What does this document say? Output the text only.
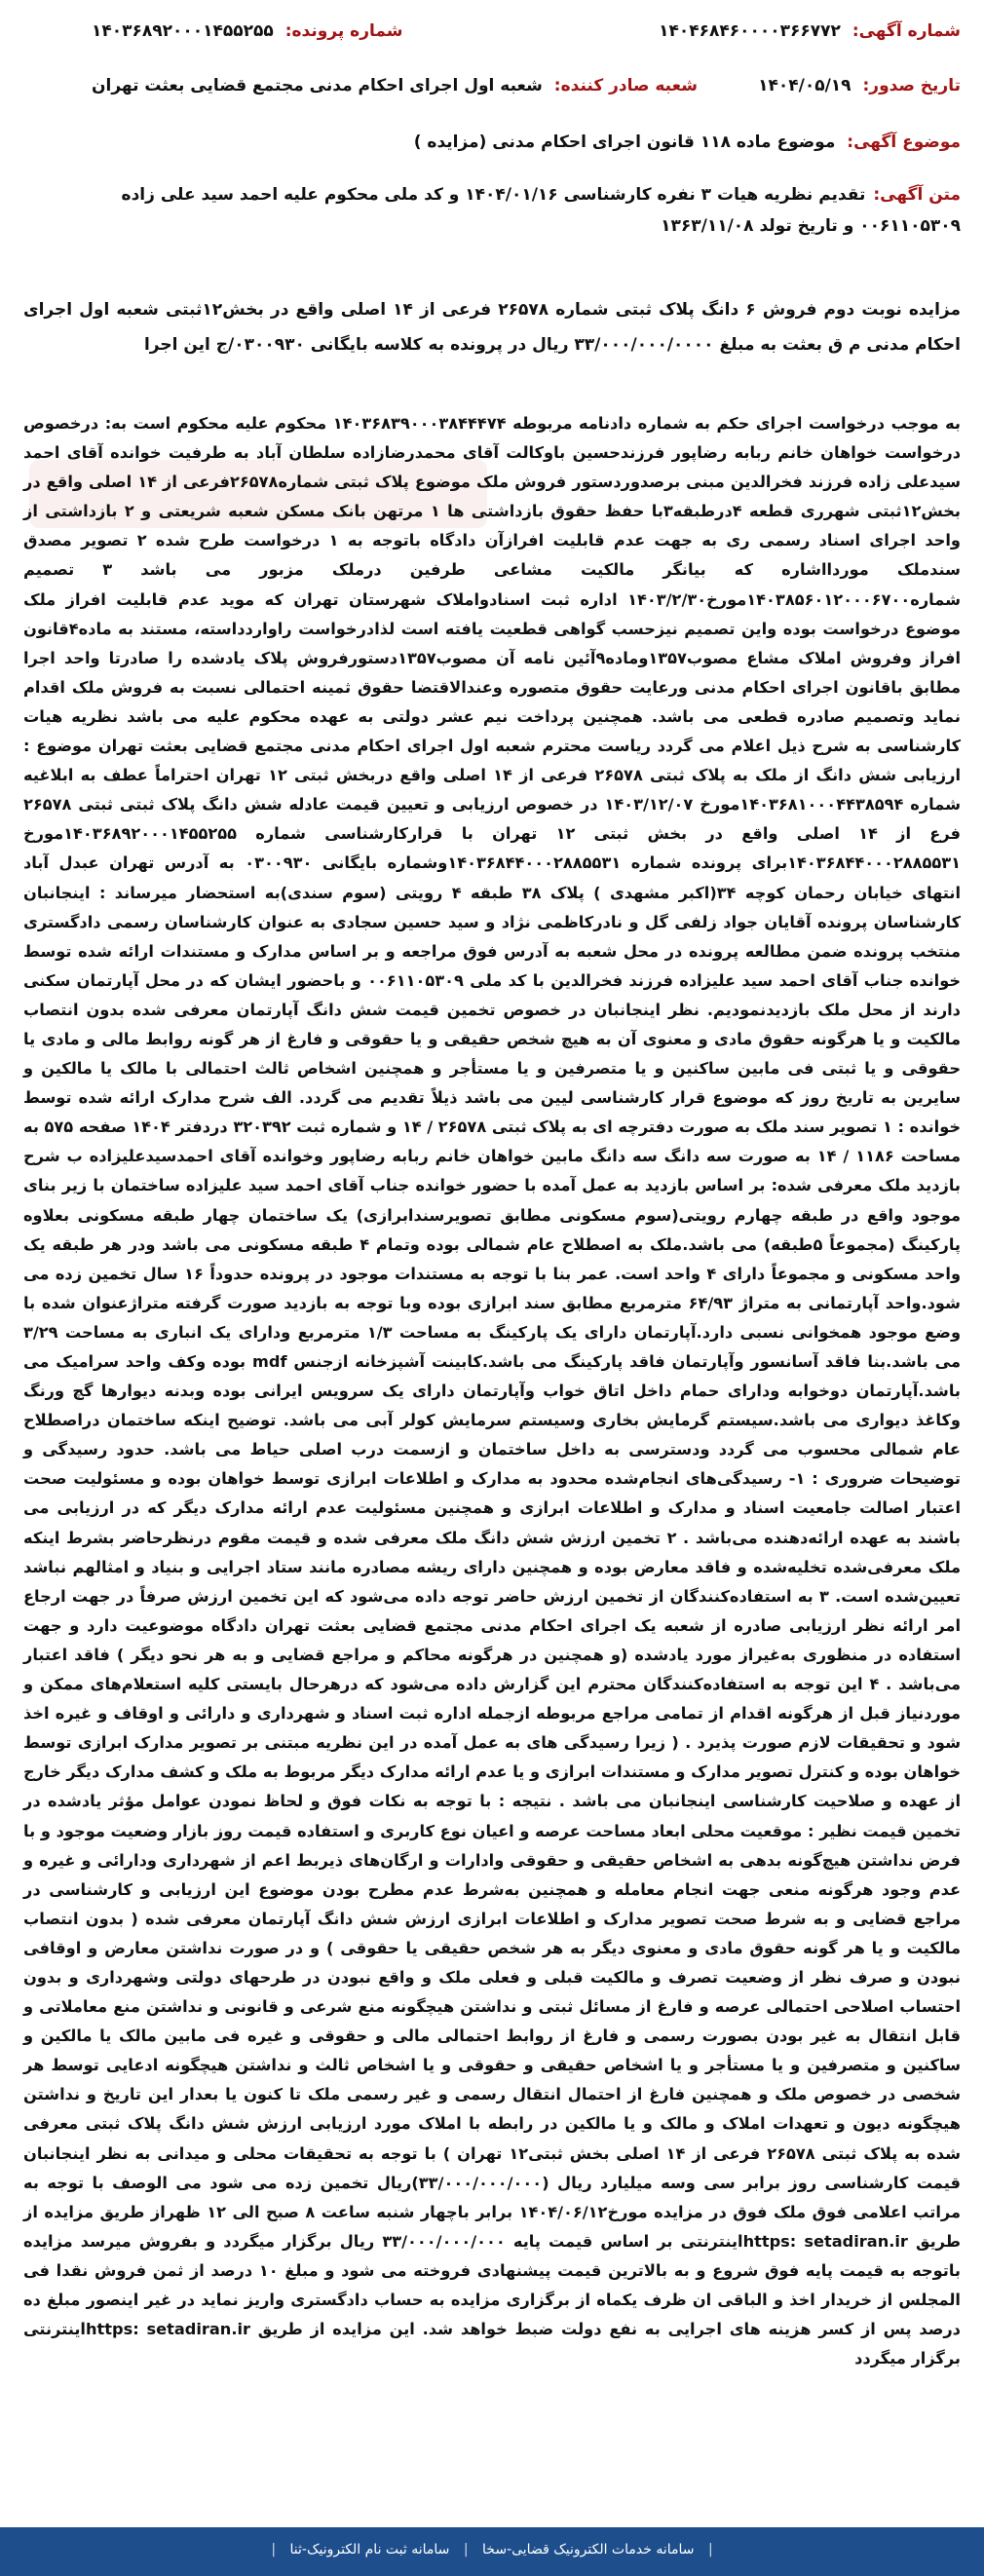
شماره آگهی: ۱۴۰۴۶۸۴۶۰۰۰۰۳۶۶۷۷۲
شماره پرونده: ۱۴۰۳۶۸۹۲۰۰۰۱۴۵۵۲۵۵
تاریخ صدور: ۱۴۰۴/۰۵/۱۹
شعبه صادر کننده: شعبه اول اجرای احکام مدنی مجتمع قضایی بعثت تهران
موضوع آگهی: موضوع ماده ۱۱۸ قانون اجرای احکام مدنی (مزایده )
متن آگهی:تقدیم نظریه هیات ۳ نفره کارشناسی ۱۴۰۴/۰۱/۱۶ و کد ملی محکوم علیه احمد سید علی زاده ۰۰۶۱۱۰۵۳۰۹ و تاریخ تولد ۱۳۶۳/۱۱/۰۸
مزایده نوبت دوم فروش ۶ دانگ پلاک ثبتی شماره ۲۶۵۷۸ فرعی از ۱۴ اصلی واقع در بخش۱۲ثبتی شعبه اول اجرای احکام مدنی م ق بعثت به مبلغ ۳۳/۰۰۰/۰۰۰/۰۰۰۰ ریال در پرونده به کلاسه بایگانی ۰۳۰۰۹۳۰/ج این اجرا
به موجب درخواست اجرای حکم به شماره دادنامه مربوطه ۱۴۰۳۶۸۳۹۰۰۰۳۸۴۴۴۷۴ محکوم علیه محکوم است به: درخصوص درخواست خواهان خانم ربابه رضاپور فرزندحسین باوکالت آقای محمدرضازاده سلطان آباد به طرفیت خوانده آقای احمد سیدعلی زاده فرزند فخرالدین مبنی برصدوردستور فروش ملک موضوع پلاک ثبتی شماره۲۶۵۷۸فرعی از ۱۴ اصلی واقع در بخش۱۲ثبتی شهرری قطعه ۴درطبقه۳با حفظ حقوق بازداشتی ها ۱ مرتهن بانک مسکن شعبه شریعتی و ۲ بازداشتی از واحد اجرای اسناد رسمی ری به جهت عدم قابلیت افرازآن دادگاه باتوجه به ۱ درخواست طرح شده ۲ تصویر مصدق سندملک موردااشاره که بیانگر مالکیت مشاعی طرفین درملک مزبور می باشد ۳ تصمیم شماره۱۴۰۳۸۵۶۰۱۲۰۰۰۶۷۰۰مورخ۱۴۰۳/۲/۳۰ اداره ثبت اسنادواملاک شهرستان تهران که موید عدم قابلیت افراز ملک موضوع درخواست بوده واین تصمیم نیزحسب گواهی قطعیت یافته است لذادرخواست راواردداسته، مستند به ماده۴قانون افراز وفروش املاک مشاع مصوب۱۳۵۷وماده۹آئین نامه آن مصوب۱۳۵۷دستورفروش پلاک یادشده را صادرتا واحد اجرا مطابق باقانون اجرای احکام مدنی ورعایت حقوق متصوره وعندالاقتضا حقوق ثمینه احتمالی نسبت به فروش ملک اقدام نماید وتصمیم صادره قطعی می باشد. همچنین پرداخت نیم عشر دولتی به عهده محکوم علیه می باشد نظریه هیات کارشناسی به شرح ذیل اعلام می گردد ریاست محترم شعبه اول اجرای احکام مدنی مجتمع قضایی بعثت تهران موضوع : ارزیابی شش دانگ از ملک به پلاک ثبتی ۲۶۵۷۸ فرعی از ۱۴ اصلی واقع دربخش ثبتی ۱۲ تهران احتراماً عطف به ابلاغیه شماره ۱۴۰۳۶۸۱۰۰۰۴۴۳۸۵۹۴مورخ ۱۴۰۳/۱۲/۰۷ در خصوص ارزیابی و تعیین قیمت عادله شش دانگ پلاک ثبتی ثبتی ۲۶۵۷۸ فرع از ۱۴ اصلی واقع در بخش ثبتی ۱۲ تهران با قرارکارشناسی شماره ۱۴۰۳۶۸۹۲۰۰۰۱۴۵۵۲۵۵مورخ ۱۴۰۳۶۸۴۴۰۰۰۲۸۸۵۵۳۱برای پرونده شماره ۱۴۰۳۶۸۴۴۰۰۰۲۸۸۵۵۳۱وشماره بایگانی ۰۳۰۰۹۳۰ به آدرس تهران عبدل آباد انتهای خیابان رحمان کوچه ۳۴(اکبر مشهدی ) پلاک ۳۸ طبقه ۴ رویتی (سوم سندی)به استحضار میرساند : اینجانبان کارشناسان پرونده آقایان جواد زلفی گل و نادرکاظمی نژاد و سید حسین سجادی به عنوان کارشناسان رسمی دادگستری منتخب پرونده ضمن مطالعه پرونده در محل شعبه به آدرس فوق مراجعه و بر اساس مدارک و مستندات ارائه شده توسط خوانده جناب آقای احمد سید علیزاده فرزند فخرالدین با کد ملی ۰۰۶۱۱۰۵۳۰۹ و باحضور ایشان که در محل آپارتمان سکنی دارند از محل ملک بازدیدنمودیم. نظر اینجانبان در خصوص تخمین قیمت شش دانگ آپارتمان معرفی شده بدون انتصاب مالکیت و یا هرگونه حقوق مادی و معنوی آن به هیچ شخص حقیقی و یا حقوقی و فارغ از هر گونه روابط مالی و مادی یا حقوقی و یا ثبتی فی مابین ساکنین و یا متصرفین و یا مستأجر و همچنین اشخاص ثالث احتمالی با مالک یا مالکین و سایرین به تاریخ روز که موضوع قرار کارشناسی لیین می باشد ذیلاً تقدیم می گردد. الف شرح مدارک ارائه شده توسط خوانده : ۱ تصویر سند ملک به صورت دفترچه ای به پلاک ثبتی ۲۶۵۷۸ / ۱۴ و شماره ثبت ۳۲۰۳۹۲ دردفتر ۱۴۰۴ صفحه ۵۷۵ به مساحت ۱۱۸۶ / ۱۴ به صورت سه دانگ سه دانگ مابین خواهان خانم ربابه رضاپور وخوانده آقای احمدسیدعلیزاده ب شرح بازدید ملک معرفی شده: بر اساس بازدید به عمل آمده با حضور خوانده جناب آقای احمد سید علیزاده ساختمان با زیر بنای موجود واقع در طبقه چهارم رویتی(سوم مسکونی مطابق تصویرسندابرازی) یک ساختمان چهار طبقه مسکونی بعلاوه پارکینگ (مجموعاً ۵طبقه) می باشد.ملک به اصطلاح عام شمالی بوده وتمام ۴ طبقه مسکونی می باشد ودر هر طبقه یک واحد مسکونی و مجموعاً دارای ۴ واحد است. عمر بنا با توجه به مستندات موجود در پرونده حدوداً ۱۶ سال تخمین زده می شود.واحد آپارتمانی به متراژ ۶۴/۹۳ مترمربع مطابق سند ابرازی بوده وبا توجه به بازدید صورت گرفته متراژعنوان شده با وضع موجود همخوانی نسبی دارد.آپارتمان دارای یک پارکینگ به مساحت ۱/۳ مترمربع ودارای یک انباری به مساحت ۳/۲۹ می باشد.بنا فاقد آسانسور وآپارتمان فاقد پارکینگ می باشد.کابینت آشپزخانه ازجنس mdf بوده وکف واحد سرامیک می باشد.آپارتمان دوخوابه ودارای حمام داخل اتاق خواب وآپارتمان دارای یک سرویس ایرانی بوده وبدنه دیوارها گچ ورنگ وکاغذ دیواری می باشد.سیستم گرمایش بخاری وسیستم سرمایش کولر آبی می باشد. توضیح اینکه ساختمان دراصطلاح عام شمالی محسوب می گردد ودسترسی به داخل ساختمان و ازسمت درب اصلی حیاط می باشد. حدود رسیدگی و توضیحات ضروری : ۱- رسیدگی‌های انجام‌شده محدود به مدارک و اطلاعات ابرازی توسط خواهان بوده و مسئولیت صحت اعتبار اصالت جامعیت اسناد و مدارک و اطلاعات ابرازی و همچنین مسئولیت عدم ارائه مدارک دیگر که در ارزیابی می باشند به عهده ارائه‌دهنده می‌باشد . ۲ تخمین ارزش شش دانگ ملک معرفی شده و قیمت مقوم درنظرحاضر بشرط اینکه ملک معرفی‌شده تخلیه‌شده و فاقد معارض بوده و همچنین دارای ریشه مصادره مانند ستاد اجرایی و بنیاد و امثالهم نباشد تعیین‌شده است. ۳ به استفاده‌کنندگان از تخمین ارزش حاضر توجه داده می‌شود که این تخمین ارزش صرفاً در جهت ارجاع امر ارائه نظر ارزیابی صادره از شعبه یک اجرای احکام مدنی مجتمع قضایی بعثت تهران دادگاه موضوعیت دارد و جهت استفاده در منظوری به‌غیراز مورد یادشده (و همچنین در هرگونه محاکم و مراجع قضایی و به هر نحو دیگر ) فاقد اعتبار می‌باشد . ۴ این توجه به استفاده‌کنندگان محترم این گزارش داده می‌شود که درهرحال بایستی کلیه استعلام‌های ممکن و موردنیاز قبل از هرگونه اقدام از تمامی مراجع مربوطه ازجمله اداره ثبت اسناد و شهرداری و دارائی و اوقاف و غیره اخذ شود و تحقیقات لازم صورت پذیرد . ( زیرا رسیدگی های به عمل آمده در این نظریه مبتنی بر تصویر مدارک ابرازی توسط خواهان بوده و کنترل تصویر مدارک و مستندات ابرازی و یا عدم ارائه مدارک دیگر مربوط به ملک و کشف مدارک دیگر خارج از عهده و صلاحیت کارشناسی اینجانبان می باشد . نتیجه : با توجه به نکات فوق و لحاظ نمودن عوامل مؤثر یادشده در تخمین قیمت نظیر : موقعیت محلی ابعاد مساحت عرصه و اعیان نوع کاربری و استفاده قیمت روز بازار وضعیت موجود و با فرض نداشتن هیچ‌گونه بدهی به اشخاص حقیقی و حقوقی وادارات و ارگان‌های ذیربط اعم از شهرداری ودارائی و غیره و عدم وجود هرگونه منعی جهت انجام معامله و همچنین به‌شرط عدم مطرح بودن موضوع این ارزیابی و کارشناسی در مراجع قضایی و به شرط صحت تصویر مدارک و اطلاعات ابرازی ارزش شش دانگ آپارتمان معرفی شده ( بدون انتصاب مالکیت و یا هر گونه حقوق مادی و معنوی دیگر به هر شخص حقیقی یا حقوقی ) و در صورت نداشتن معارض و اوقافی نبودن و صرف نظر از وضعیت تصرف و مالکیت قبلی و فعلی ملک و واقع نبودن در طرحهای دولتی وشهرداری و بدون احتساب اصلاحی احتمالی عرصه و فارغ از مسائل ثبتی و نداشتن هیچگونه منع شرعی و قانونی و نداشتن منع معاملاتی و قابل انتقال به غیر بودن بصورت رسمی و فارغ از روابط احتمالی مالی و حقوقی و غیره فی مابین مالک یا مالکین و ساکنین و متصرفین و یا مستأجر و یا اشخاص حقیقی و حقوقی و یا اشخاص ثالث و نداشتن هیچگونه ادعایی توسط هر شخصی در خصوص ملک و همچنین فارغ از احتمال انتقال رسمی و غیر رسمی ملک تا کنون یا بعدار این تاریخ و نداشتن هیچگونه دیون و تعهدات املاک و مالک و یا مالکین در رابطه با املاک مورد ارزیابی ارزش شش دانگ پلاک ثبتی معرفی شده به پلاک ثبتی ۲۶۵۷۸ فرعی از ۱۴ اصلی بخش ثبتی۱۲ تهران ) با توجه به تحقیقات محلی و میدانی به نظر اینجانبان قیمت کارشناسی روز برابر سی وسه میلیارد ریال (۳۳/۰۰۰/۰۰۰/۰۰۰)ریال تخمین زده می شود می الوصف با توجه به مراتب اعلامی فوق ملک فوق در مزایده مورخ۱۴۰۴/۰۶/۱۲ برابر باچهار شنبه ساعت ۸ صبح الی ۱۲ ظهراز طریق مزایده از طریق https: setadiran.irاینترنتی بر اساس قیمت پایه ۳۳/۰۰۰/۰۰۰/۰۰۰ ریال برگزار میگردد و بفروش میرسد مزایده باتوجه به قیمت پایه فوق شروع و به بالاترین قیمت پیشنهادی فروخته می شود و مبلغ ۱۰ درصد از ثمن فروش نقدا فی المجلس از خریدار اخذ و الباقی ان ظرف یکماه از برگزاری مزایده به حساب دادگستری واریز نماید در غیر اینصور مبلغ ده درصد پس از کسر هزینه های اجرایی به نفع دولت ضبط خواهد شد. این مزایده از طریق https: setadiran.irاینترنتی برگزار میگردد
| سامانه خدمات الکترونیک قضایی-سخا | سامانه ثبت نام الکترونیک-ثنا |
